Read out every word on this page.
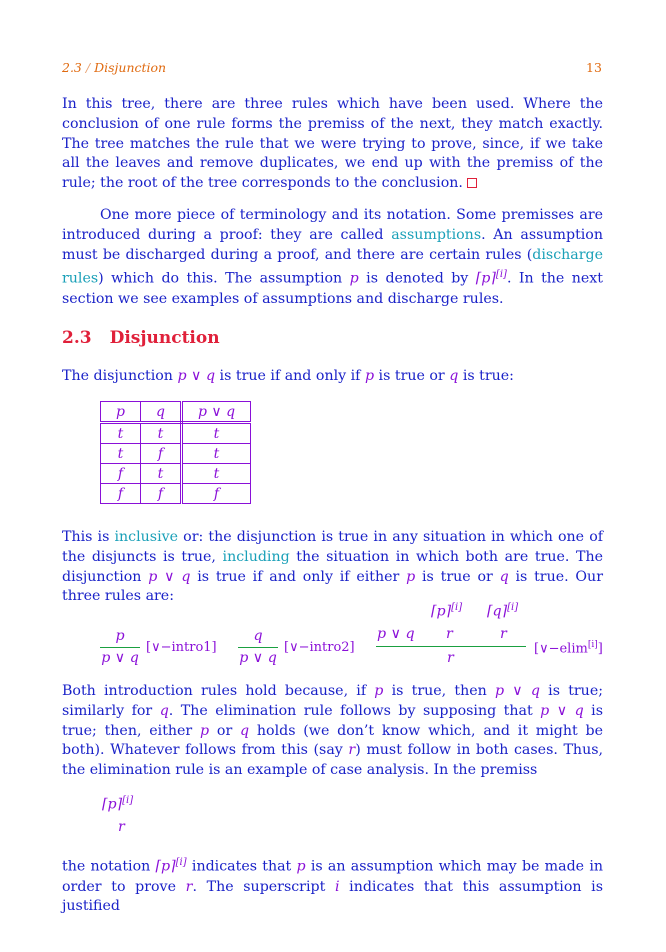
2.3 / Disjunction	13

In this tree, there are three rules which have been used. Where the conclusion of one rule forms the premiss of the next, they match exactly. The tree matches the rule that we were trying to prove, since, if we take all the leaves and remove duplicates, we end up with the premiss of the rule; the root of the tree corresponds to the conclusion.

One more piece of terminology and its notation. Some premisses are introduced during a proof: they are called assumptions. An assumption must be discharged during a proof, and there are certain rules (discharge rules) which do this. The assumption p is denoted by ⌈p⌉[i]. In the next section we see examples of assumptions and discharge rules.

2.3 Disjunction

The disjunction p ∨ q is true if and only if p is true or q is true:

p	q	p ∨ q
t	t	t
t	f	t
f	t	t
f	f	f

This is inclusive or: the disjunction is true in any situation in which one of the disjuncts is true, including the situation in which both are true. The disjunction p ∨ q is true if and only if either p is true or q is true. Our three rules are:

p
p ∨ q
[∨−intro1]
q
p ∨ q
[∨−intro2]
⌈p⌉[i] ⌈q⌉[i]
p ∨ q r	r
r
[∨−elim[i]]

Both introduction rules hold because, if p is true, then p ∨ q is true; similarly for q. The elimination rule follows by supposing that p ∨ q is true; then, either p or q holds (we don’t know which, and it might be both). Whatever follows from this (say r) must follow in both cases. Thus, the elimination rule is an example of case analysis. In the premiss

⌈p⌉[i]
r

the notation ⌈p⌉[i] indicates that p is an assumption which may be made in order to prove r. The superscript i indicates that this assumption is justified
